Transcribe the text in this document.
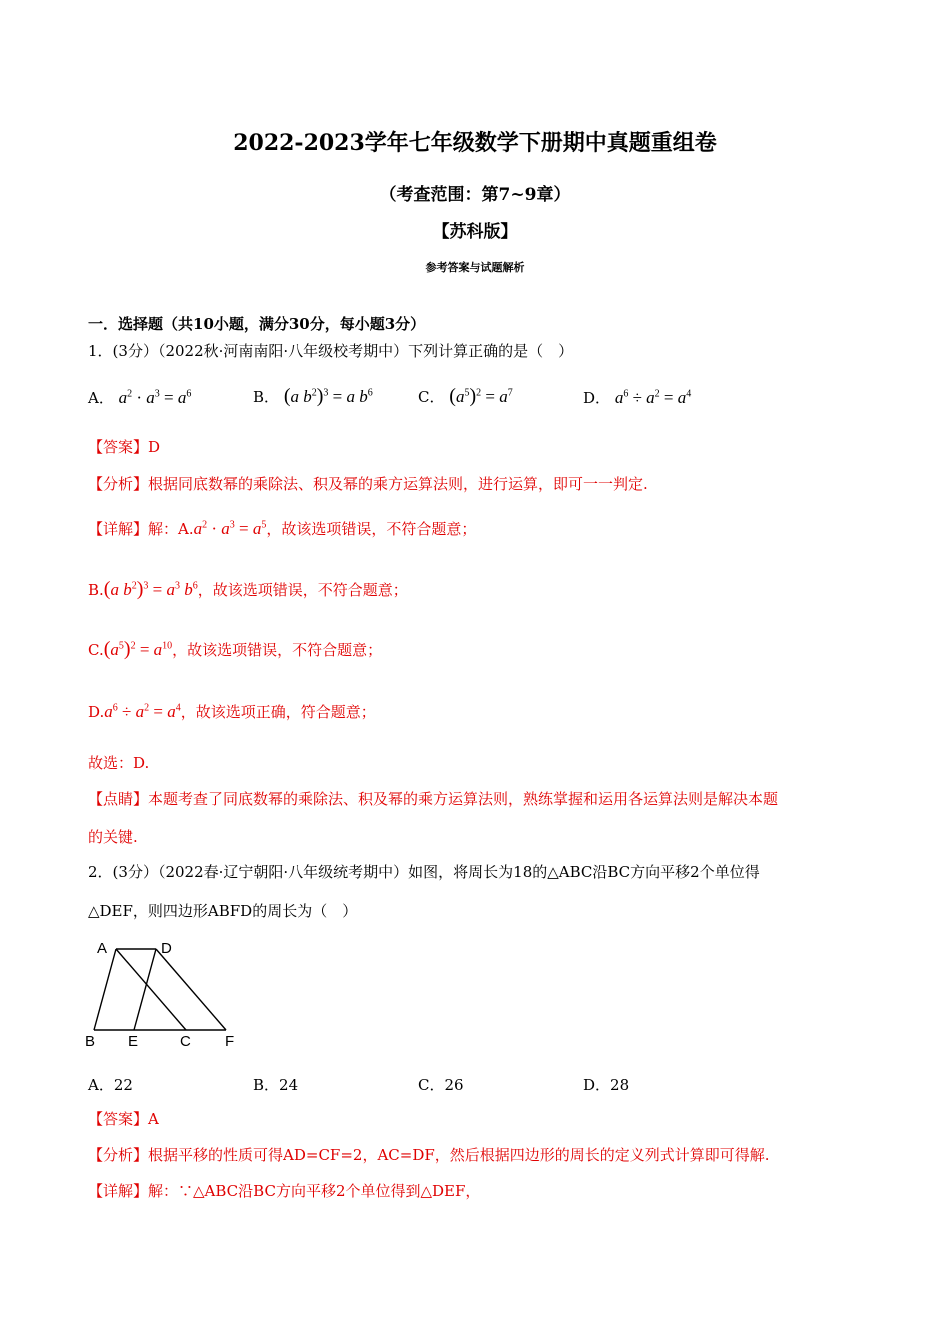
2022-2023学年七年级数学下册期中真题重组卷
（考查范围：第7~9章）
【苏科版】
参考答案与试题解析
一．选择题（共10小题，满分30分，每小题3分）
1．(3分）（2022秋·河南南阳·八年级校考期中）下列计算正确的是（　）
A． $a^2 \cdot a^3 = a^6$	B． (a $b^2)^3 = a$ $b^6$	C． $(a^5)^2 = a^7$	D． $a^6 \div a^2 = a^4$
【答案】D
【分析】根据同底数幂的乘除法、积及幂的乘方运算法则，进行运算，即可一一判定.
【详解】解：$A.a^2 \cdot a^3 = a^5$，故该选项错误，不符合题意；
B.(a $b^2)^3 = a^3$ $b^6$，故该选项错误，不符合题意；
$C.(a^5)^2 = a^{10}$，故该选项错误，不符合题意；
$D.a^6 \div a^2 = a^4$，故该选项正确，符合题意；
故选：D.
【点睛】本题考查了同底数幂的乘除法、积及幂的乘方运算法则，熟练掌握和运用各运算法则是解决本题
的关键.
2．(3分）（2022春·辽宁朝阳·八年级统考期中）如图，将周长为18的△ABC沿BC方向平移2个单位得
△DEF，则四边形ABFD的周长为（　）
A	D
B E	C F
A．22	B．24	C．26	D．28
【答案】A
【分析】根据平移的性质可得AD=CF=2，AC=DF，然后根据四边形的周长的定义列式计算即可得解.
【详解】解：∵△ABC沿BC方向平移2个单位得到△DEF，
